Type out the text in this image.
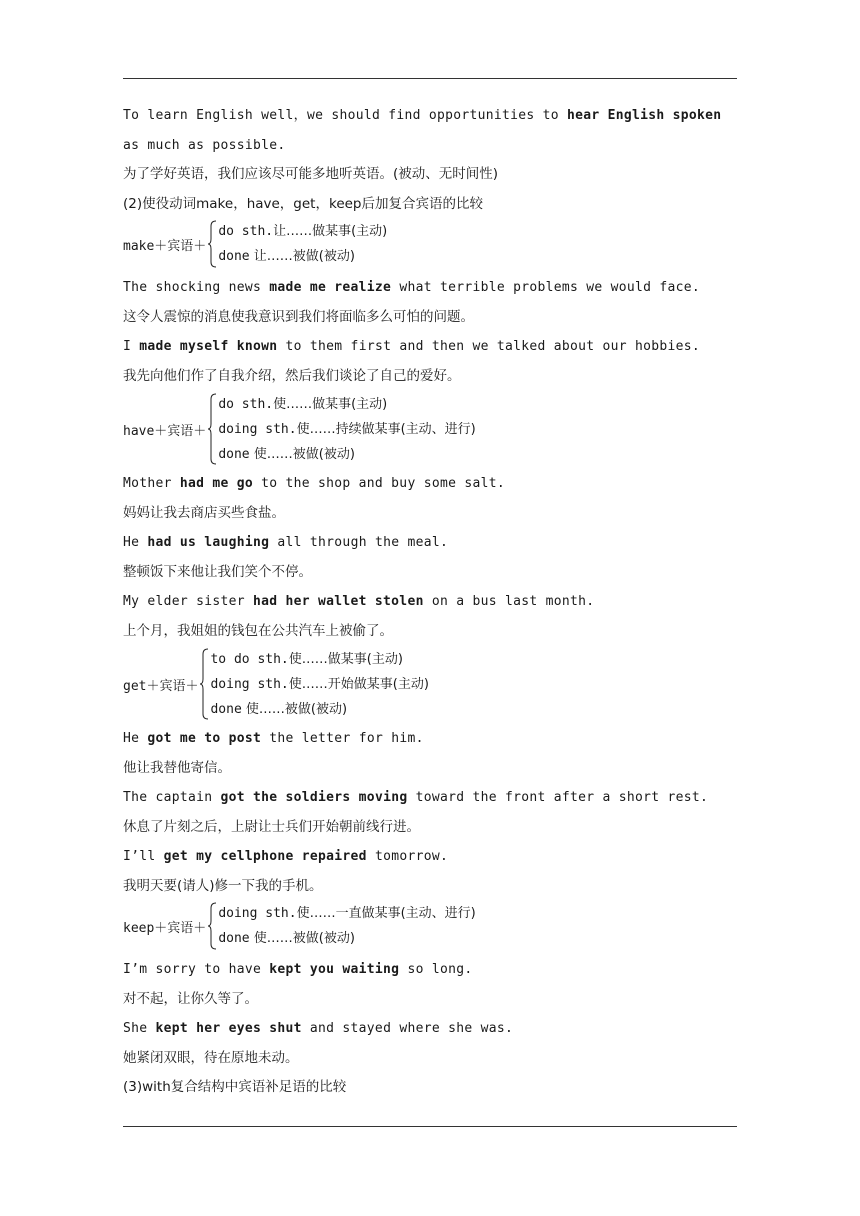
To learn English well，we should find opportunities to hear English spoken as much as possible.
为了学好英语，我们应该尽可能多地听英语。(被动、无时间性)
(2)使役动词make，have，get，keep后加复合宾语的比较
make＋宾语＋
do sth.让……做某事(主动)
done 让……被做(被动)
The shocking news made me realize what terrible problems we would face.
这令人震惊的消息使我意识到我们将面临多么可怕的问题。
I made myself known to them first and then we talked about our hobbies.
我先向他们作了自我介绍，然后我们谈论了自己的爱好。
have＋宾语＋
do sth.使……做某事(主动)
doing sth.使……持续做某事(主动、进行)
done 使……被做(被动)
Mother had me go to the shop and buy some salt.
妈妈让我去商店买些食盐。
He had us laughing all through the meal.
整顿饭下来他让我们笑个不停。
My elder sister had her wallet stolen on a bus last month.
上个月，我姐姐的钱包在公共汽车上被偷了。
get＋宾语＋
to do sth.使……做某事(主动)
doing sth.使……开始做某事(主动)
done 使……被做(被动)
He got me to post the letter for him.
他让我替他寄信。
The captain got the soldiers moving toward the front after a short rest.
休息了片刻之后，上尉让士兵们开始朝前线行进。
I’ll get my cellphone repaired tomorrow.
我明天要(请人)修一下我的手机。
keep＋宾语＋
doing sth.使……一直做某事(主动、进行)
done 使……被做(被动)
I’m sorry to have kept you waiting so long.
对不起，让你久等了。
She kept her eyes shut and stayed where she was.
她紧闭双眼，待在原地未动。
(3)with复合结构中宾语补足语的比较
